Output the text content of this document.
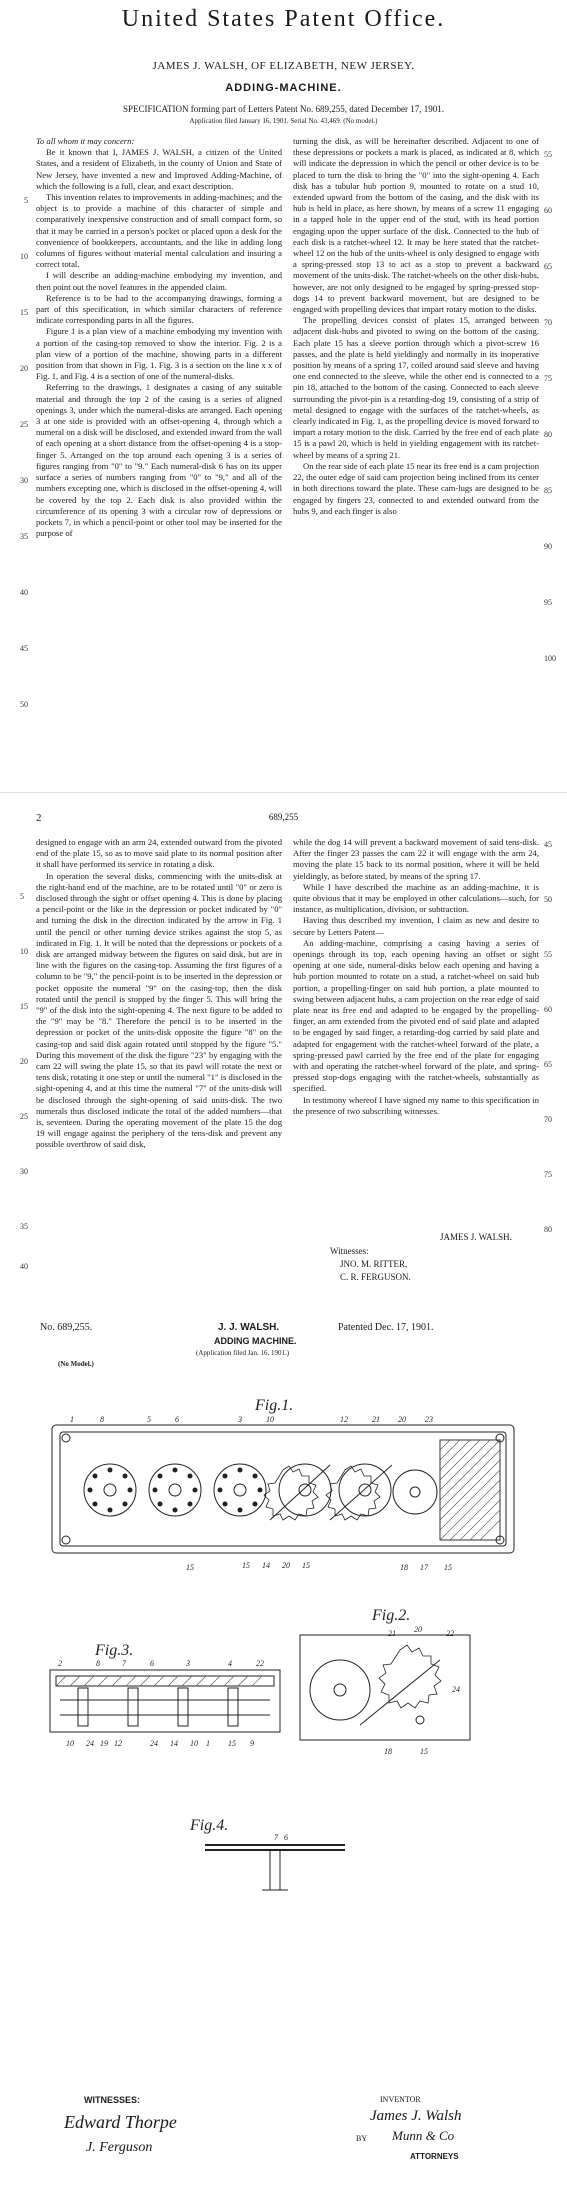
United States Patent Office.
JAMES J. WALSH, OF ELIZABETH, NEW JERSEY.
ADDING-MACHINE.
SPECIFICATION forming part of Letters Patent No. 689,255, dated December 17, 1901.
Application filed January 16, 1901. Serial No. 43,469. (No model.)

To all whom it may concern:

Be it known that I, JAMES J. WALSH, a citizen of the United States, and a resident of Elizabeth, in the county of Union and State of New Jersey, have invented a new and Improved Adding-Machine, of which the following is a full, clear, and exact description.

This invention relates to improvements in adding-machines; and the object is to provide a machine of this character of simple and comparatively inexpensive construction and of small compact form, so that it may be carried in a person's pocket or placed upon a desk for the convenience of bookkeepers, accountants, and the like in adding long columns of figures without material mental calculation and insuring a correct total.

I will describe an adding-machine embodying my invention, and then point out the novel features in the appended claim.

Reference is to be had to the accompanying drawings, forming a part of this specification, in which similar characters of reference indicate corresponding parts in all the figures.

Figure 1 is a plan view of a machine embodying my invention with a portion of the casing-top removed to show the interior. Fig. 2 is a plan view of a portion of the machine, showing parts in a different position from that shown in Fig. 1. Fig. 3 is a section on the line x x of Fig. 1, and Fig. 4 is a section of one of the numeral-disks.

Referring to the drawings, 1 designates a casing of any suitable material and through the top 2 of the casing is a series of aligned openings 3, under which the numeral-disks are arranged. Each opening 3 at one side is provided with an offset-opening 4, through which a numeral on a disk will be disclosed, and extended inward from the wall of each opening at a short distance from the offset-opening 4 is a stop-finger 5. Arranged on the top around each opening 3 is a series of figures ranging from "0" to "9." Each numeral-disk 6 has on its upper surface a series of numbers ranging from "0" to "9," and all of the numbers excepting one, which is disclosed in the offset-opening 4, will be covered by the top 2. Each disk is also provided within the circumference of its opening 3 with a circular row of depressions or pockets 7, in which a pencil-point or other tool may be inserted for the purpose of

turning the disk, as will be hereinafter described. Adjacent to one of these depressions or pockets a mark is placed, as indicated at 8, which will indicate the depression in which the pencil or other device is to be placed to turn the disk to bring the "0" into the sight-opening 4. Each disk has a tubular hub portion 9, mounted to rotate on a stud 10, extended upward from the bottom of the casing, and the disk with its hub is held in place, as here shown, by means of a screw 11 engaging in a tapped hole in the upper end of the stud, with its head portion engaging upon the upper surface of the disk. Connected to the hub of each disk is a ratchet-wheel 12. It may be here stated that the ratchet-wheel 12 on the hub of the units-wheel is only designed to engage with a spring-pressed stop 13 to act as a stop to prevent a backward movement of the units-disk. The ratchet-wheels on the other disk-hubs, however, are not only designed to be engaged by spring-pressed stop-dogs 14 to prevent backward movement, but are designed to be engaged with propelling devices that impart rotary motion to the disks.

The propelling devices consist of plates 15, arranged between adjacent disk-hubs and pivoted to swing on the bottom of the casing. Each plate 15 has a sleeve portion through which a pivot-screw 16 passes, and the plate is held yieldingly and normally in its inoperative position by means of a spring 17, coiled around said sleeve and having one end connected to the sleeve, while the other end is connected to a pin 18, attached to the bottom of the casing. Connected to each sleeve surrounding the pivot-pin is a retarding-dog 19, consisting of a strip of metal designed to engage with the surfaces of the ratchet-wheels, as clearly indicated in Fig. 1, as the propelling device is moved forward to impart a rotary motion to the disk. Carried by the free end of each plate 15 is a pawl 20, which is held in yielding engagement with its ratchet-wheel by means of a spring 21.

On the rear side of each plate 15 near its free end is a cam projection 22, the outer edge of said cam projection being inclined from its center in both directions toward the plate. These cam-lugs are designed to be engaged by fingers 23, connected to and extended outward from the hubs 9, and each finger is also

5
10
15
20
25
30
35
40
45
50
55
60
65
70
75
80
85
90
95
100
2	689,255

designed to engage with an arm 24, extended outward from the pivoted end of the plate 15, so as to move said plate to its normal position after it shall have performed its service in rotating a disk.

In operation the several disks, commencing with the units-disk at the right-hand end of the machine, are to be rotated until "0" or zero is disclosed through the sight or offset opening 4. This is done by placing a pencil-point or the like in the depression or pocket indicated by "0" and turning the disk in the direction indicated by the arrow in Fig. 1 until the pencil or other turning device strikes against the stop 5, as indicated in Fig. 1. It will be noted that the depressions or pockets of a disk are arranged midway between the figures on said disk, but are in line with the figures on the casing-top. Assuming the first figures of a column to be "9," the pencil-point is to be inserted in the depression or pocket opposite the numeral "9" on the casing-top, then the disk rotated until the pencil is stopped by the finger 5. This will bring the "9" of the disk into the sight-opening 4. The next figure to be added to the "9" may be "8." Therefore the pencil is to be inserted in the depression or pocket of the units-disk opposite the figure "8" on the casing-top and said disk again rotated until stopped by the figure "5." During this movement of the disk the figure "23" by engaging with the cam 22 will swing the plate 15, so that its pawl will rotate the next or tens disk, rotating it one step or until the numeral "1" is disclosed in the sight-opening 4, and at this time the numeral "7" of the units-disk will be disclosed through the sight-opening of said units-disk. The two numerals thus disclosed indicate the total of the added numbers—that is, seventeen. During the operating movement of the plate 15 the dog 19 will engage against the periphery of the tens-disk and prevent any possible overthrow of said disk,

while the dog 14 will prevent a backward movement of said tens-disk. After the finger 23 passes the cam 22 it will engage with the arm 24, moving the plate 15 back to its normal position, where it will be held yieldingly, as before stated, by means of the spring 17.

While I have described the machine as an adding-machine, it is quite obvious that it may be employed in other calculations—such, for instance, as multiplication, division, or subtraction.

Having thus described my invention, I claim as new and desire to secure by Letters Patent—

An adding-machine, comprising a casing having a series of openings through its top, each opening having an offset or sight opening at one side, numeral-disks below each opening and having a hub portion mounted to rotate on a stud, a ratchet-wheel on said hub portion, a propelling-finger on said hub portion, a plate mounted to swing between adjacent hubs, a cam projection on the rear edge of said plate near its free end and adapted to be engaged by the propelling-finger, an arm extended from the pivoted end of said plate and adapted to be engaged by said finger, a retarding-dog carried by said plate and adapted for engagement with the ratchet-wheel forward of the plate, a spring-pressed pawl carried by the free end of the plate for engaging with and operating the ratchet-wheel forward of the plate, and spring-pressed stop-dogs engaging with the ratchet-wheels, substantially as specified.

In testimony whereof I have signed my name to this specification in the presence of two subscribing witnesses.

JAMES J. WALSH.
Witnesses:
JNO. M. RITTER,
C. R. FERGUSON.
5
10
15
20
25
30
35
40
45
50
55
60
65
70
75
80
No. 689,255.	J. J. WALSH.	Patented Dec. 17, 1901.
ADDING MACHINE.
(Application filed Jan. 16, 1901.)
(No Model.)
Fig.1.
1	8	5	6	3	10	12	21 20 23
15 14 20 15
15	18 17 15
Fig.2.
21 20	22
24
18	15
Fig.3.
2	8	7	6	3	4	22
10 24 19 12	24 14 10 1 15 9
Fig.4.
7 6
WITNESSES:
Edward Thorpe
J. Ferguson
INVENTOR
James J. Walsh
BY Munn & Co
ATTORNEYS
